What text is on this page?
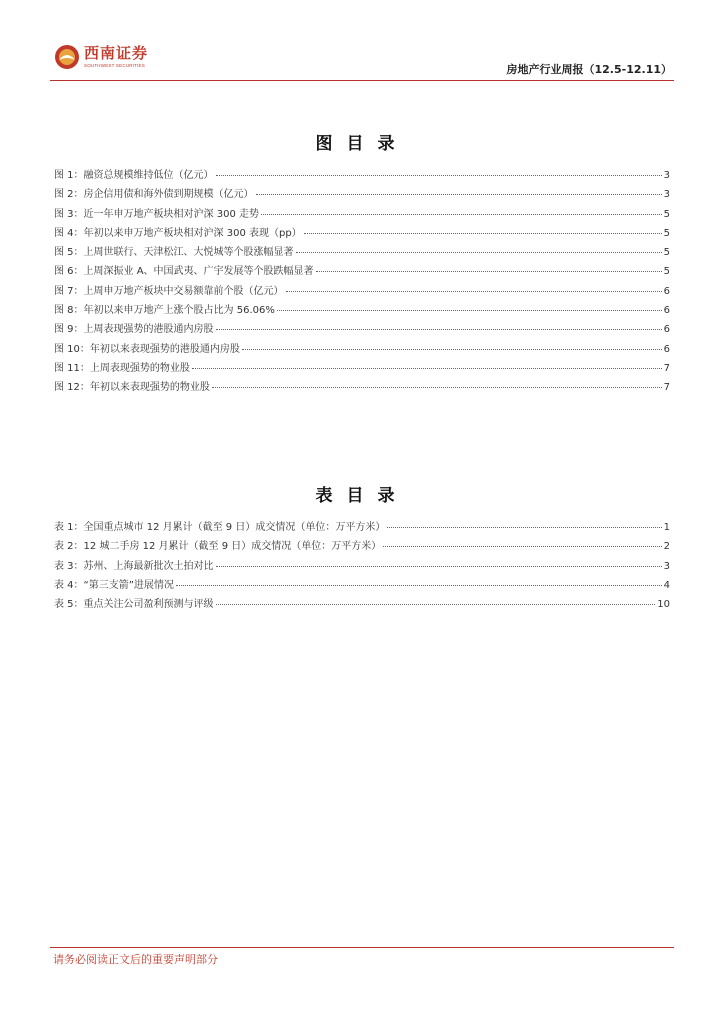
西南证券
SOUTHWEST SECURITIES	房地产行业周报（12.5-12.11）
图目录
图 1：融资总规模维持低位（亿元）	3
图 2：房企信用债和海外债到期规模（亿元）	3
图 3：近一年申万地产板块相对沪深 300 走势	5
图 4：年初以来申万地产板块相对沪深 300 表现（pp）	5
图 5：上周世联行、天津松江、大悦城等个股涨幅显著	5
图 6：上周深振业 A、中国武夷、广宇发展等个股跌幅显著	5
图 7：上周申万地产板块中交易额靠前个股（亿元）	6
图 8：年初以来申万地产上涨个股占比为 56.06%	6
图 9：上周表现强势的港股通内房股	6
图 10：年初以来表现强势的港股通内房股	6
图 11：上周表现强势的物业股	7
图 12：年初以来表现强势的物业股	7
表目录
表 1：全国重点城市 12 月累计（截至 9 日）成交情况（单位：万平方米）	1
表 2：12 城二手房 12 月累计（截至 9 日）成交情况（单位：万平方米）	2
表 3：苏州、上海最新批次土拍对比	3
表 4：“第三支箭”进展情况	4
表 5：重点关注公司盈利预测与评级	10
请务必阅读正文后的重要声明部分
